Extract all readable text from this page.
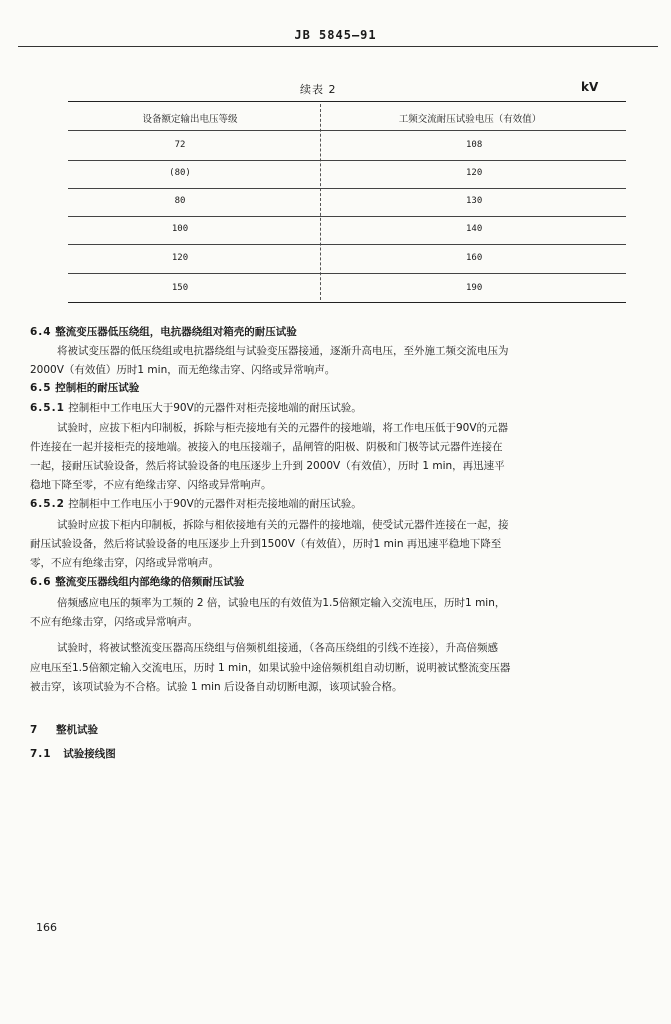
JB 5845—91
续表 2	kV
设备额定输出电压等级	工频交流耐压试验电压（有效值）
72	108
(80)	120
80	130
100	140
120	160
150	190
6.4 整流变压器低压绕组，电抗器绕组对箱壳的耐压试验
将被试变压器的低压绕组或电抗器绕组与试验变压器接通，逐渐升高电压，至外施工频交流电压为
2000V（有效值）历时1 min，而无绝缘击穿、闪络或异常响声。
6.5 控制柜的耐压试验
6.5.1 控制柜中工作电压大于90V的元器件对柜壳接地端的耐压试验。
试验时，应拔下柜内印制板，拆除与柜壳接地有关的元器件的接地端，将工作电压低于90V的元器
件连接在一起并接柜壳的接地端。被接入的电压接端子，晶闸管的阳极、阴极和门极等试元器件连接在
一起，接耐压试验设备，然后将试验设备的电压逐步上升到 2000V（有效值），历时 1 min，再迅速平
稳地下降至零，不应有绝缘击穿、闪络或异常响声。
6.5.2 控制柜中工作电压小于90V的元器件对柜壳接地端的耐压试验。
试验时应拔下柜内印制板，拆除与相依接地有关的元器件的接地端，使受试元器件连接在一起，接
耐压试验设备，然后将试验设备的电压逐步上升到1500V（有效值），历时1 min 再迅速平稳地下降至
零，不应有绝缘击穿，闪络或异常响声。
6.6 整流变压器线组内部绝缘的倍频耐压试验
倍频感应电压的频率为工频的 2 倍，试验电压的有效值为1.5倍额定输入交流电压，历时1 min，
不应有绝缘击穿，闪络或异常响声。
试验时，将被试整流变压器高压绕组与倍频机组接通，（各高压绕组的引线不连接），升高倍频感
应电压至1.5倍额定输入交流电压，历时 1 min，如果试验中途倍频机组自动切断，说明被试整流变压器
被击穿，该项试验为不合格。试验 1 min 后设备自动切断电源，该项试验合格。
7 整机试验
7.1 试验接线图
166
